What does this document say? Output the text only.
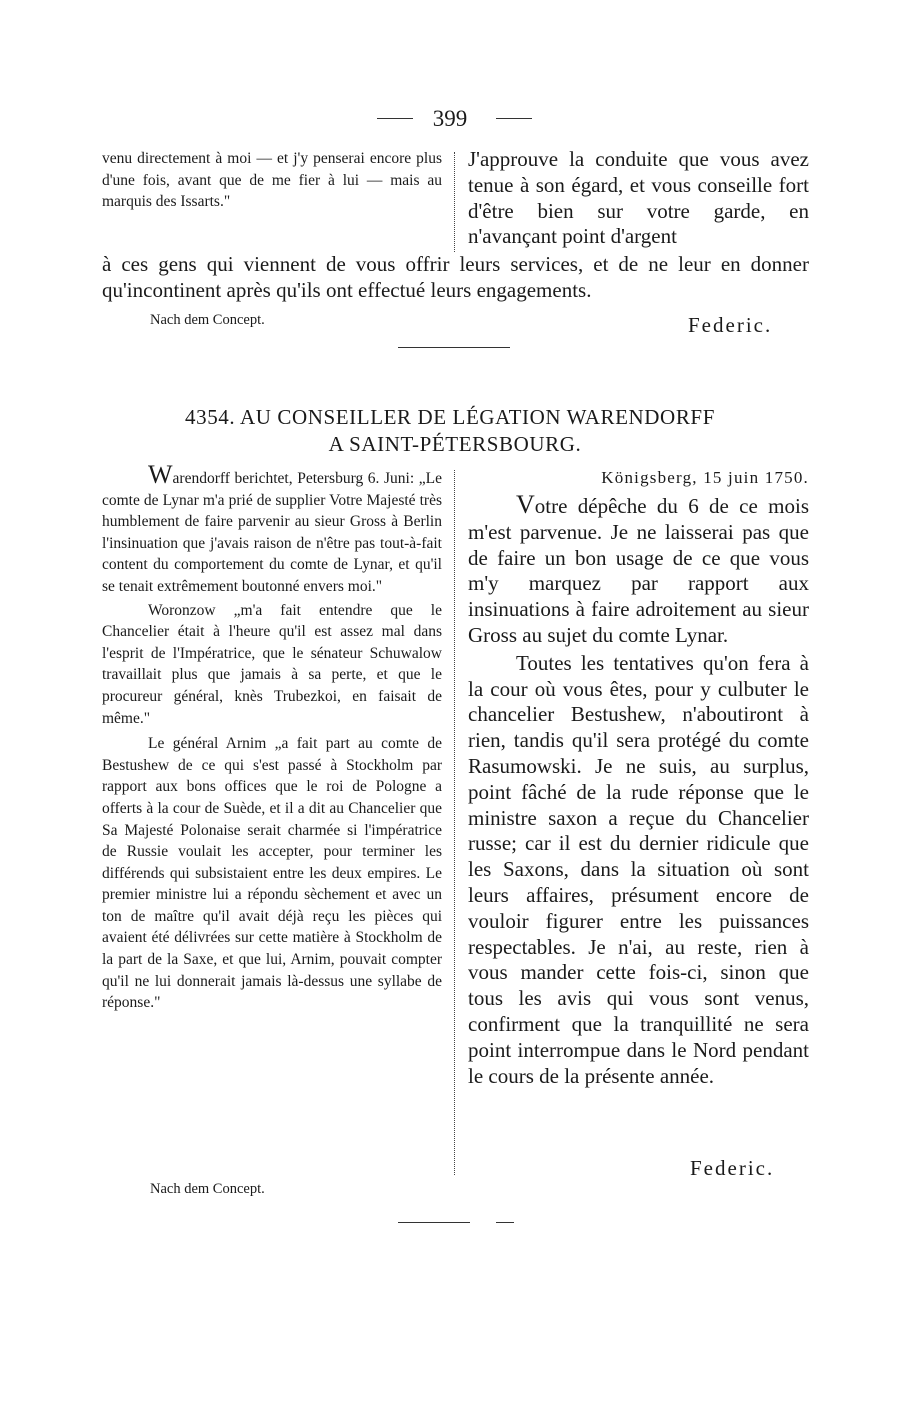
399

venu directement à moi — et j'y penserai encore plus d'une fois, avant que de me fier à lui — mais au marquis des Issarts."

J'approuve la conduite que vous avez tenue à son égard, et vous conseille fort d'être bien sur votre garde, en n'avançant point d'argent

à ces gens qui viennent de vous offrir leurs services, et de ne leur en donner qu'incontinent après qu'ils ont effectué leurs engagements.

Nach dem Concept.	Federic.
4354. AU CONSEILLER DE LÉGATION WARENDORFF
A SAINT-PÉTERSBOURG.

Warendorff berichtet, Petersburg 6. Juni: „Le comte de Lynar m'a prié de supplier Votre Majesté très humblement de faire parvenir au sieur Gross à Berlin l'insinuation que j'avais raison de n'être pas tout-à-fait content du comportement du comte de Lynar, et qu'il se tenait extrêmement boutonné envers moi."

Woronzow „m'a fait entendre que le Chancelier était à l'heure qu'il est assez mal dans l'esprit de l'Impératrice, que le sénateur Schuwalow travaillait plus que jamais à sa perte, et que le procureur général, knès Trubezkoi, en faisait de même."

Le général Arnim „a fait part au comte de Bestushew de ce qui s'est passé à Stockholm par rapport aux bons offices que le roi de Pologne a offerts à la cour de Suède, et il a dit au Chancelier que Sa Majesté Polonaise serait charmée si l'impératrice de Russie voulait les accepter, pour terminer les différends qui subsistaient entre les deux empires. Le premier ministre lui a répondu sèchement et avec un ton de maître qu'il avait déjà reçu les pièces qui avaient été délivrées sur cette matière à Stockholm de la part de la Saxe, et que lui, Arnim, pouvait compter qu'il ne lui donnerait jamais là-dessus une syllabe de réponse."

Königsberg, 15 juin 1750.

Votre dépêche du 6 de ce mois m'est parvenue. Je ne laisserai pas que de faire un bon usage de ce que vous m'y marquez par rapport aux insinuations à faire adroitement au sieur Gross au sujet du comte Lynar.

Toutes les tentatives qu'on fera à la cour où vous êtes, pour y culbuter le chancelier Bestushew, n'aboutiront à rien, tandis qu'il sera protégé du comte Rasumowski. Je ne suis, au surplus, point fâché de la rude réponse que le ministre saxon a reçue du Chancelier russe; car il est du dernier ridicule que les Saxons, dans la situation où sont leurs affaires, présument encore de vouloir figurer entre les puissances respectables. Je n'ai, au reste, rien à vous mander cette fois-ci, sinon que tous les avis qui vous sont venus, confirment que la tranquillité ne sera point interrompue dans le Nord pendant le cours de la présente année.

Federic.
Nach dem Concept.
